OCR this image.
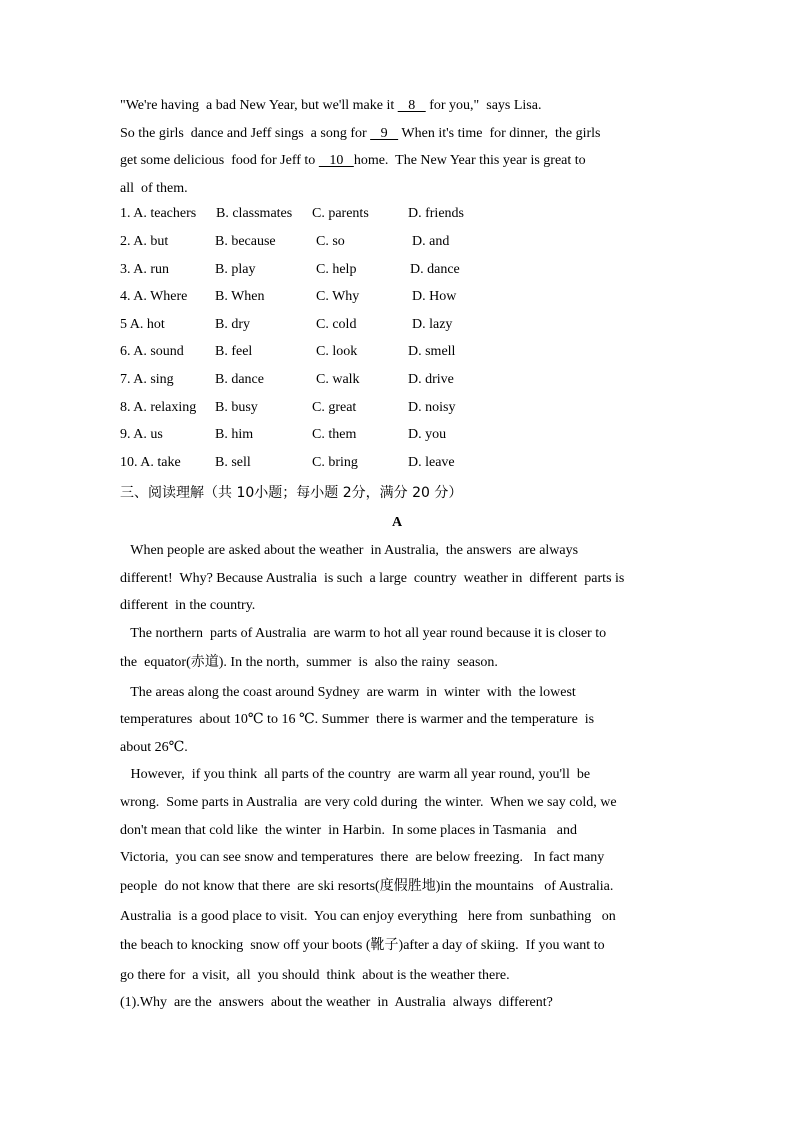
"We're having  a bad New Year, but we'll make it    8    for you,"  says Lisa.
So the girls  dance and Jeff sings  a song for    9    When it's time  for dinner,  the girls
get some delicious  food for Jeff to    10   home.  The New Year this year is great to
all  of them.
1. A. teachers B. classmates C. parents	D. friends
2. A. but	B. because	C. so	D. and
3. A. run	B. play	C. help	D. dance
4. A. Where B. When	C. Why	D. How
5 A. hot	B. dry	C. cold	D. lazy
6. A. sound B. feel	C. look	D. smell
7. A. sing	B. dance	C. walk	D. drive
8. A. relaxing B. busy	C. great	D. noisy
9. A. us	B. him	C. them	D. you
10. A. take B. sell	C. bring	D. leave
三、阅读理解（共 10小题；每小题 2分，满分 20 分）
A
When people are asked about the weather  in Australia,  the answers  are always
different!  Why? Because Australia  is such  a large  country  weather in  different  parts is
different  in the country.
The northern  parts of Australia  are warm to hot all year round because it is closer to
the  equator(赤道). In the north,  summer  is  also the rainy  season.
The areas along the coast around Sydney  are warm  in  winter  with  the lowest
temperatures  about 10℃ to 16 ℃. Summer  there is warmer and the temperature  is
about 26℃.
However,  if you think  all parts of the country  are warm all year round, you'll  be
wrong.  Some parts in Australia  are very cold during  the winter.  When we say cold, we
don't mean that cold like  the winter  in Harbin.  In some places in Tasmania   and
Victoria,  you can see snow and temperatures  there  are below freezing.   In fact many
people  do not know that there  are ski resorts(度假胜地)in the mountains   of Australia.
Australia  is a good place to visit.  You can enjoy everything   here from  sunbathing   on
the beach to knocking  snow off your boots (靴子)after a day of skiing.  If you want to
go there for  a visit,  all  you should  think  about is the weather there.
(1).Why  are the  answers  about the weather  in  Australia  always  different?
